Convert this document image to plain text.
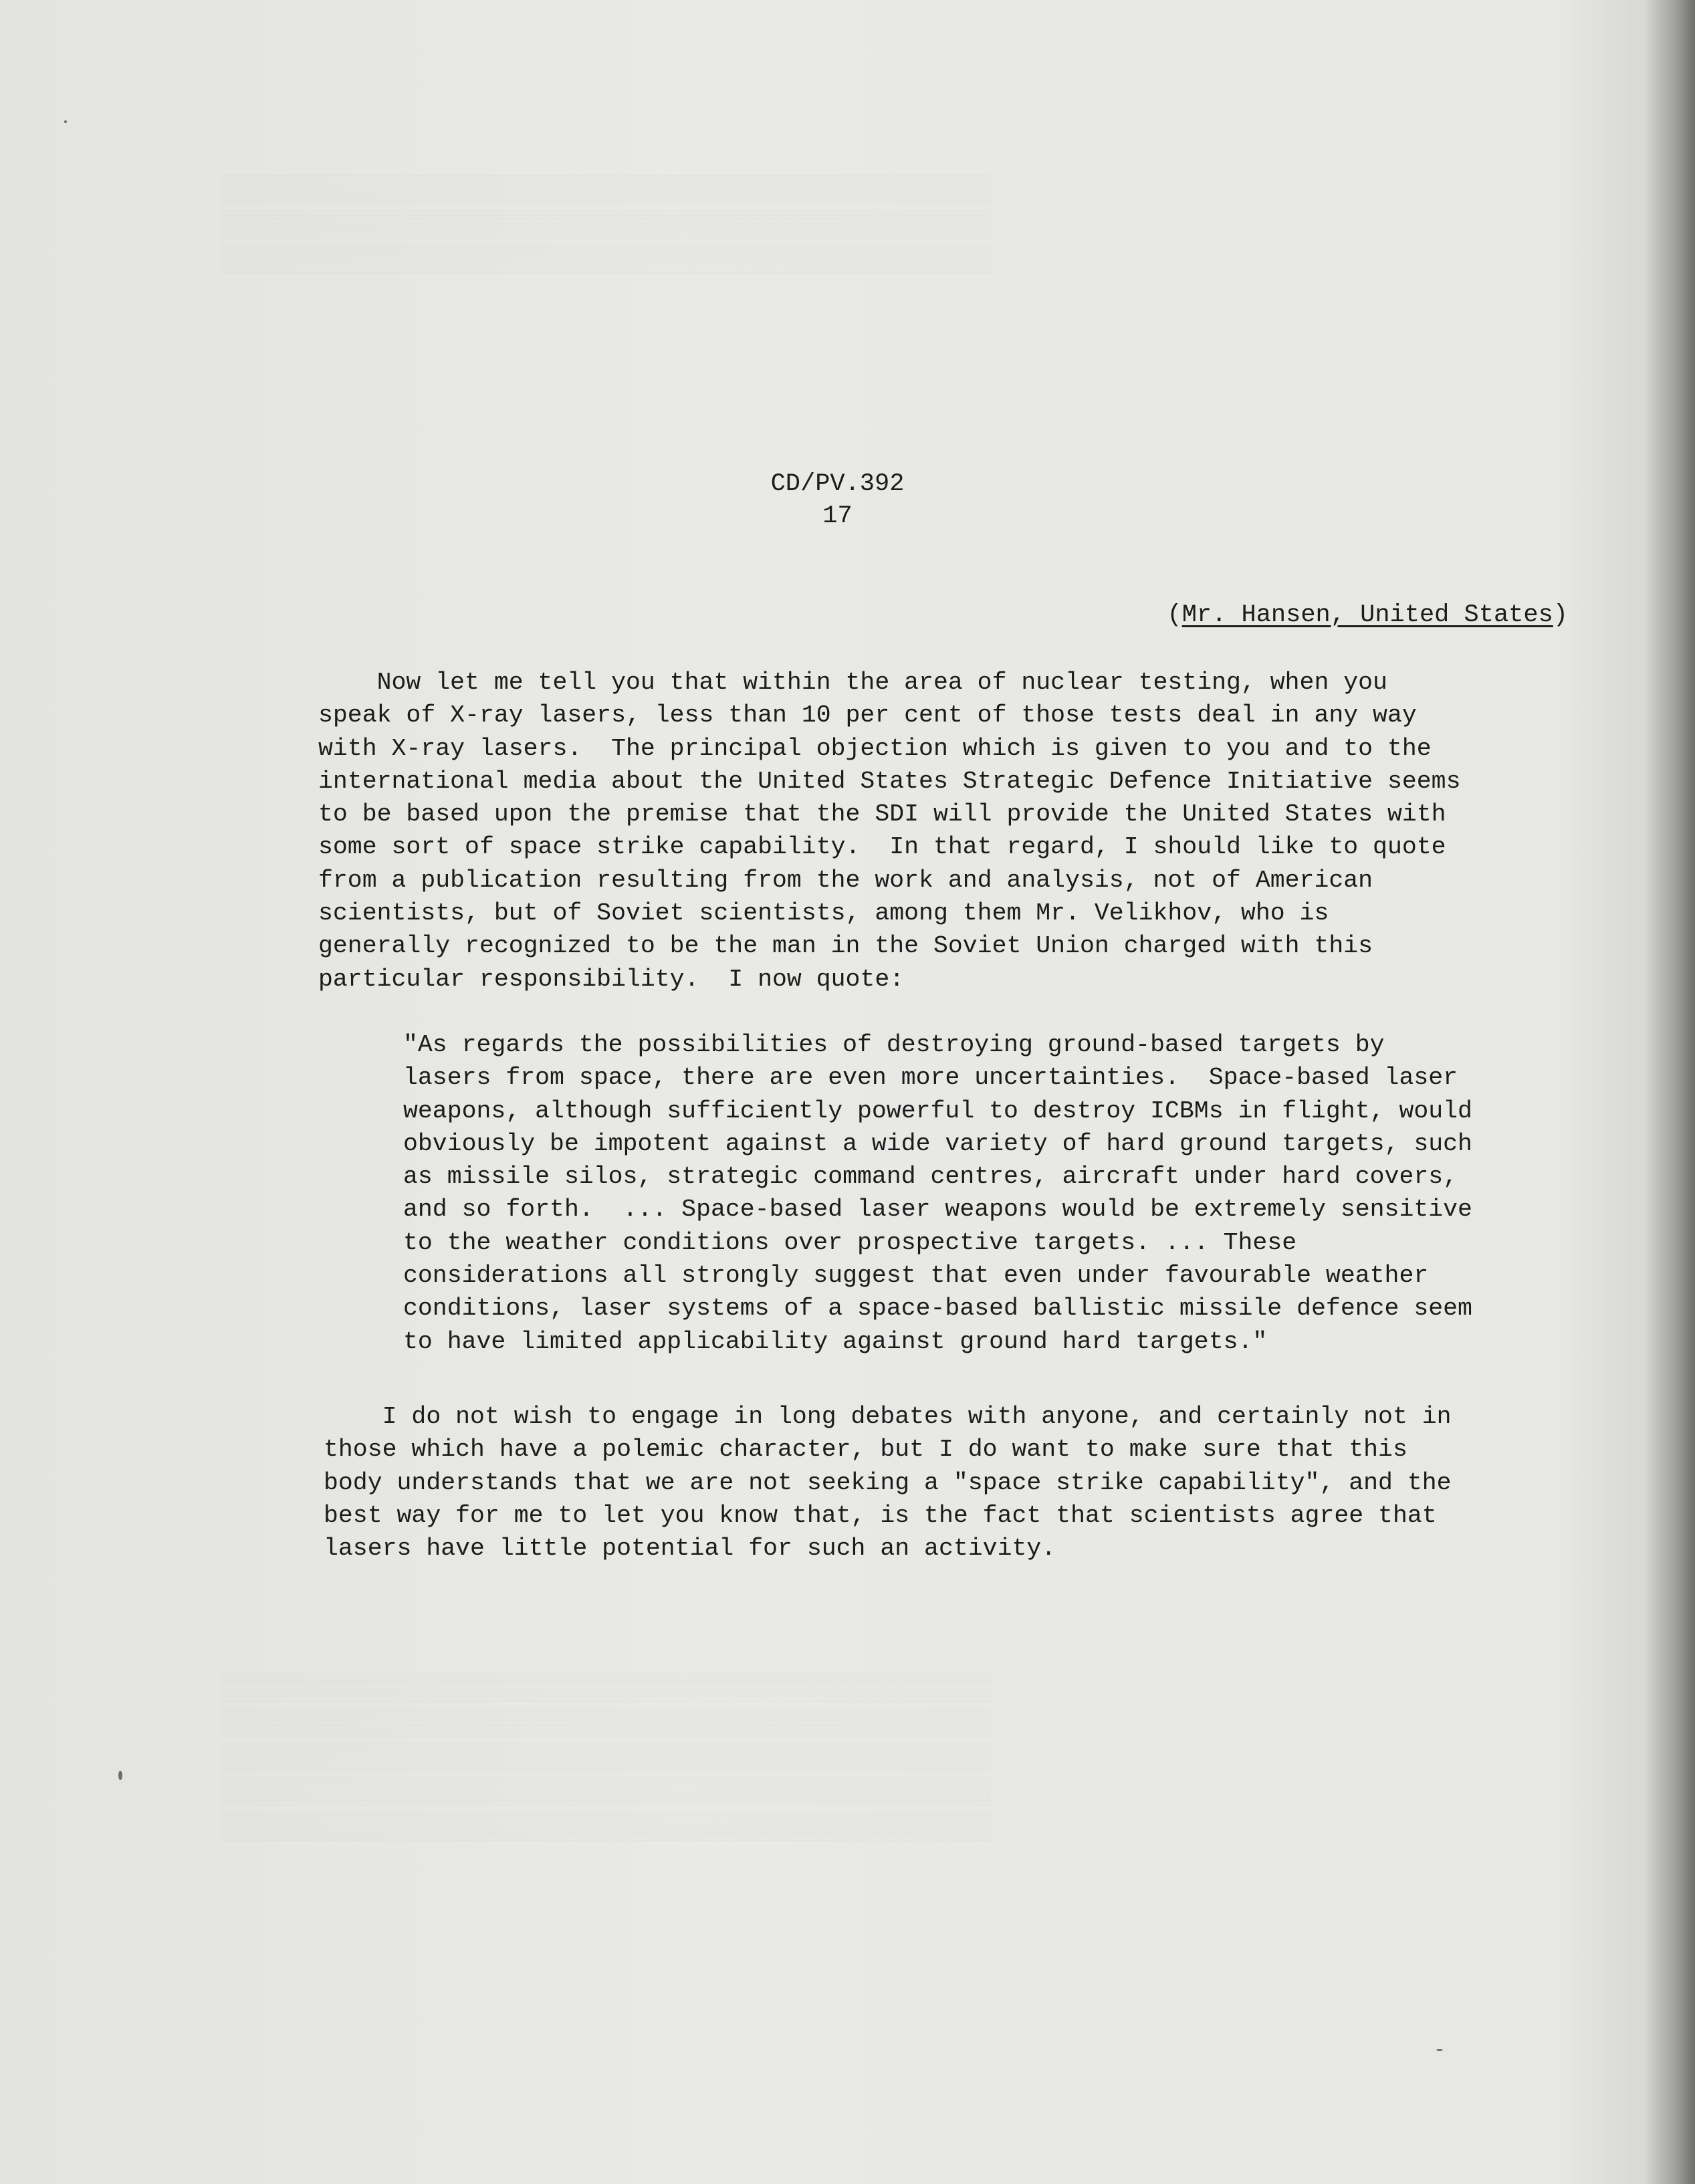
▒▒▒▒▒▒▒▒▒▒▒▒▒▒▒▒▒▒▒▒▒▒▒▒▒▒▒▒▒▒▒▒▒▒▒▒▒▒▒▒▒▒▒▒▒▒▒▒
▒▒▒▒▒▒▒▒▒▒▒▒▒▒▒▒▒▒▒▒▒▒▒▒▒▒▒▒▒▒▒▒▒▒▒▒▒▒▒▒▒▒▒▒▒▒▒▒
▒▒▒▒▒▒▒▒▒▒▒▒▒▒▒▒▒▒▒▒▒▒▒▒▒▒▒▒▒▒▒▒▒▒▒▒▒▒▒▒▒▒▒▒▒▒▒▒
▒▒▒▒▒▒▒▒▒▒▒▒▒▒▒▒▒▒▒▒▒▒▒▒▒▒▒▒▒▒▒▒▒▒▒▒▒▒▒▒▒▒▒▒▒▒▒▒
▒▒▒▒▒▒▒▒▒▒▒▒▒▒▒▒▒▒▒▒▒▒▒▒▒▒▒▒▒▒▒▒▒▒▒▒▒▒▒▒▒▒▒▒▒▒▒▒
▒▒▒▒▒▒▒▒▒▒▒▒▒▒▒▒▒▒▒▒▒▒▒▒▒▒▒▒▒▒▒▒▒▒▒▒▒▒▒▒▒▒▒▒▒▒▒▒
▒▒▒▒▒▒▒▒▒▒▒▒▒▒▒▒▒▒▒▒▒▒▒▒▒▒▒▒▒▒▒▒▒▒▒▒▒▒▒▒▒▒▒▒▒▒▒▒
▒▒▒▒▒▒▒▒▒▒▒▒▒▒▒▒▒▒▒▒▒▒▒▒▒▒▒▒▒▒▒▒▒▒▒▒▒▒▒▒▒▒▒▒▒▒▒▒
CD/PV.392
17
(Mr. Hansen, United States)
Now let me tell you that within the area of nuclear testing, when you
speak of X-ray lasers, less than 10 per cent of those tests deal in any way
with X-ray lasers.  The principal objection which is given to you and to the
international media about the United States Strategic Defence Initiative seems
to be based upon the premise that the SDI will provide the United States with
some sort of space strike capability.  In that regard, I should like to quote
from a publication resulting from the work and analysis, not of American
scientists, but of Soviet scientists, among them Mr. Velikhov, who is
generally recognized to be the man in the Soviet Union charged with this
particular responsibility.  I now quote:
"As regards the possibilities of destroying ground-based targets by
lasers from space, there are even more uncertainties.  Space-based laser
weapons, although sufficiently powerful to destroy ICBMs in flight, would
obviously be impotent against a wide variety of hard ground targets, such
as missile silos, strategic command centres, aircraft under hard covers,
and so forth.  ... Space-based laser weapons would be extremely sensitive
to the weather conditions over prospective targets. ... These
considerations all strongly suggest that even under favourable weather
conditions, laser systems of a space-based ballistic missile defence seem
to have limited applicability against ground hard targets."
I do not wish to engage in long debates with anyone, and certainly not in
those which have a polemic character, but I do want to make sure that this
body understands that we are not seeking a "space strike capability", and the
best way for me to let you know that, is the fact that scientists agree that
lasers have little potential for such an activity.
